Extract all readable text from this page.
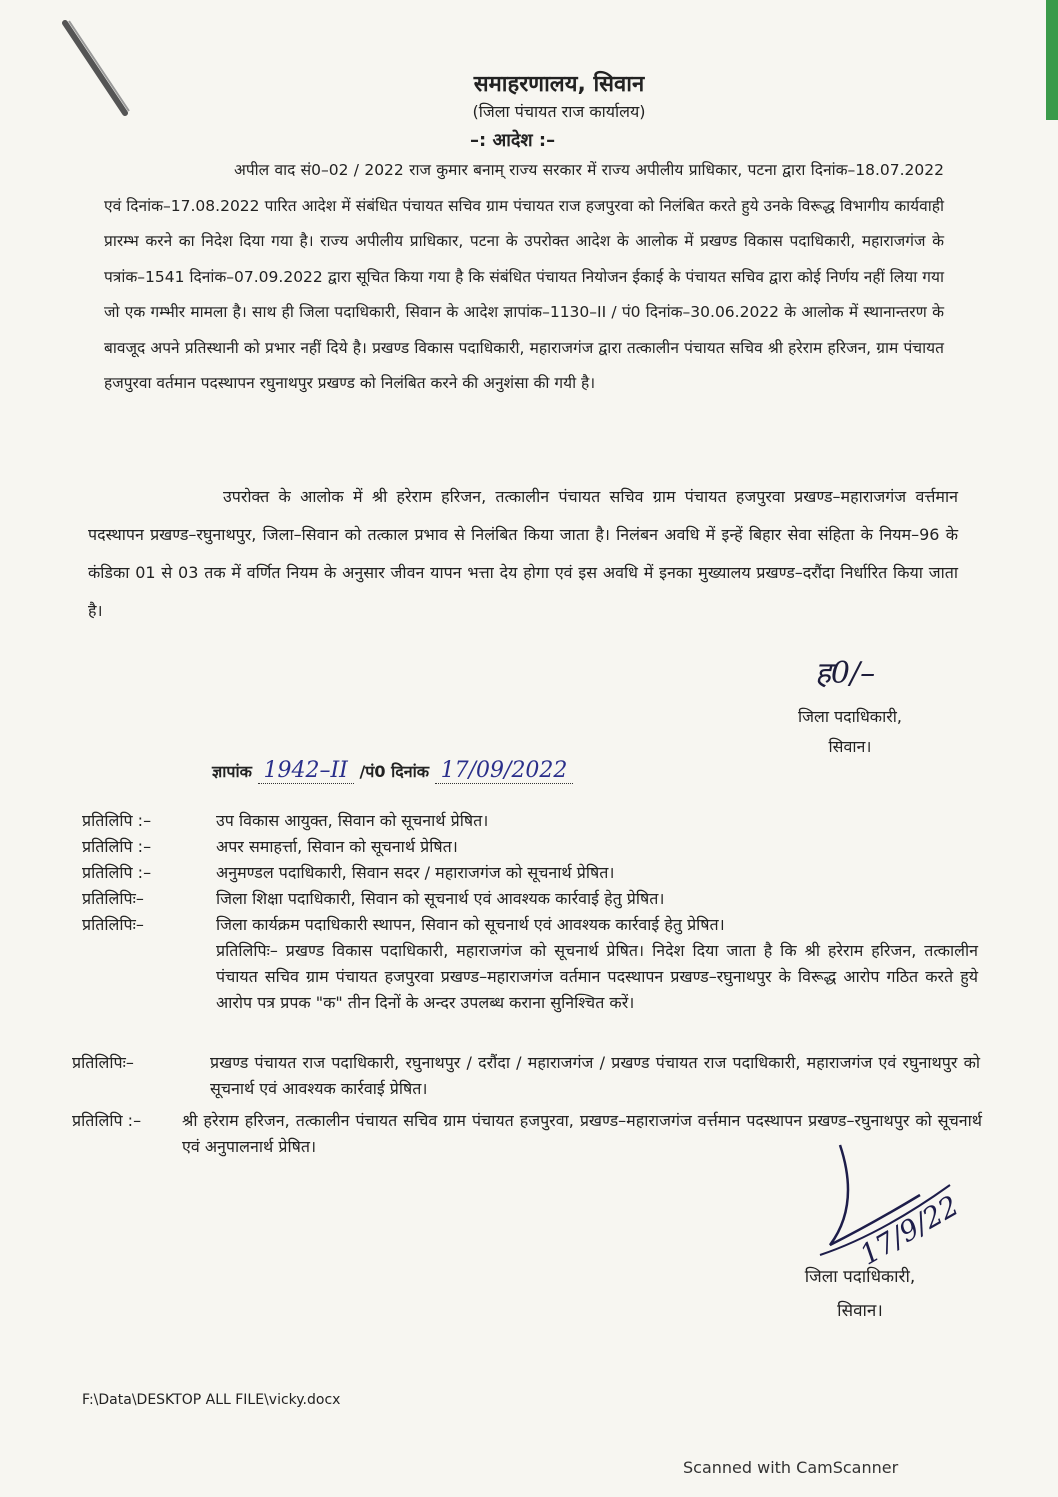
समाहरणालय, सिवान
(जिला पंचायत राज कार्यालय)
–: आदेश :–
अपील वाद सं0–02 / 2022 राज कुमार बनाम् राज्य सरकार में राज्य अपीलीय प्राधिकार, पटना द्वारा दिनांक–18.07.2022 एवं दिनांक–17.08.2022 पारित आदेश में संबंधित पंचायत सचिव ग्राम पंचायत राज हजपुरवा को निलंबित करते हुये उनके विरूद्ध विभागीय कार्यवाही प्रारम्भ करने का निदेश दिया गया है। राज्य अपीलीय प्राधिकार, पटना के उपरोक्त आदेश के आलोक में प्रखण्ड विकास पदाधिकारी, महाराजगंज के पत्रांक–1541 दिनांक–07.09.2022 द्वारा सूचित किया गया है कि संबंधित पंचायत नियोजन ईकाई के पंचायत सचिव द्वारा कोई निर्णय नहीं लिया गया जो एक गम्भीर मामला है। साथ ही जिला पदाधिकारी, सिवान के आदेश ज्ञापांक–1130–II / पं0 दिनांक–30.06.2022 के आलोक में स्थानान्तरण के बावजूद अपने प्रतिस्थानी को प्रभार नहीं दिये है। प्रखण्ड विकास पदाधिकारी, महाराजगंज द्वारा तत्कालीन पंचायत सचिव श्री हरेराम हरिजन, ग्राम पंचायत हजपुरवा वर्तमान पदस्थापन रघुनाथपुर प्रखण्ड को निलंबित करने की अनुशंसा की गयी है।
उपरोक्त के आलोक में श्री हरेराम हरिजन, तत्कालीन पंचायत सचिव ग्राम पंचायत हजपुरवा प्रखण्ड–महाराजगंज वर्त्तमान पदस्थापन प्रखण्ड–रघुनाथपुर, जिला–सिवान को तत्काल प्रभाव से निलंबित किया जाता है। निलंबन अवधि में इन्हें बिहार सेवा संहिता के नियम–96 के कंडिका 01 से 03 तक में वर्णित नियम के अनुसार जीवन यापन भत्ता देय होगा एवं इस अवधि में इनका मुख्यालय प्रखण्ड–दरौंदा निर्धारित किया जाता है।
ह0/–
जिला पदाधिकारी,
सिवान।
ज्ञापांक 1942–II /पं0 दिनांक 17/09/2022
प्रतिलिपि :–	उप विकास आयुक्त, सिवान को सूचनार्थ प्रेषित।
प्रतिलिपि :–	अपर समाहर्त्ता, सिवान को सूचनार्थ प्रेषित।
प्रतिलिपि :–	अनुमण्डल पदाधिकारी, सिवान सदर / महाराजगंज को सूचनार्थ प्रेषित।
प्रतिलिपिः–	जिला शिक्षा पदाधिकारी, सिवान को सूचनार्थ एवं आवश्यक कार्रवाई हेतु प्रेषित।
प्रतिलिपिः–	जिला कार्यक्रम पदाधिकारी स्थापन, सिवान को सूचनार्थ एवं आवश्यक कार्रवाई हेतु प्रेषित।
प्रतिलिपिः– प्रखण्ड विकास पदाधिकारी, महाराजगंज को सूचनार्थ प्रेषित। निदेश दिया जाता है कि श्री हरेराम हरिजन, तत्कालीन पंचायत सचिव ग्राम पंचायत हजपुरवा प्रखण्ड–महाराजगंज वर्तमान पदस्थापन प्रखण्ड–रघुनाथपुर के विरूद्ध आरोप गठित करते हुये आरोप पत्र प्रपक "क" तीन दिनों के अन्दर उपलब्ध कराना सुनिश्चित करें।
प्रतिलिपिः–	प्रखण्ड पंचायत राज पदाधिकारी, रघुनाथपुर / दरौंदा / महाराजगंज / प्रखण्ड पंचायत राज पदाधिकारी, महाराजगंज एवं रघुनाथपुर को सूचनार्थ एवं आवश्यक कार्रवाई प्रेषित।
प्रतिलिपि :–	श्री हरेराम हरिजन, तत्कालीन पंचायत सचिव ग्राम पंचायत हजपुरवा, प्रखण्ड–महाराजगंज वर्त्तमान पदस्थापन प्रखण्ड–रघुनाथपुर को सूचनार्थ एवं अनुपालनार्थ प्रेषित।
17/9/22
जिला पदाधिकारी,
सिवान।
F:\Data\DESKTOP ALL FILE\vicky.docx
Scanned with CamScanner
